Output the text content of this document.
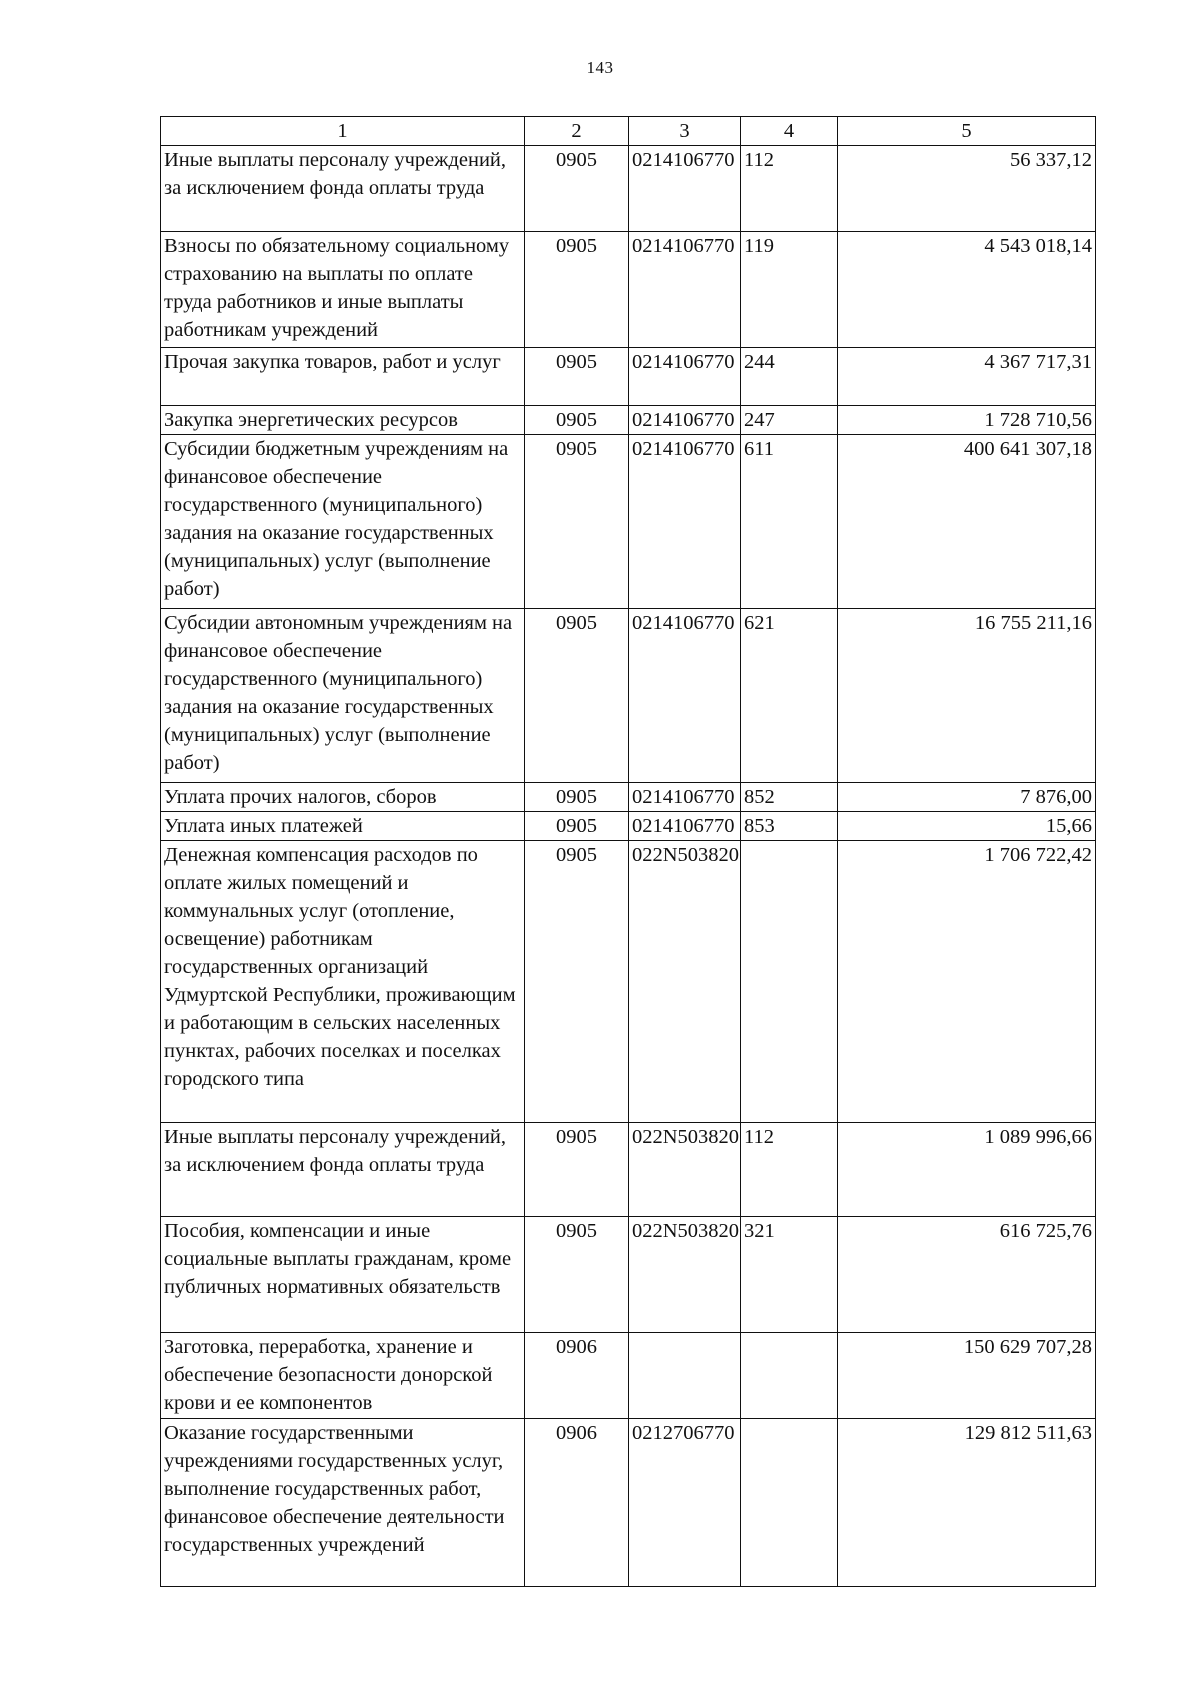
143
1	2	3	4	5
Иные выплаты персоналу учреждений, за исключением фонда оплаты труда	0905	0214106770	112	56 337,12
Взносы по обязательному социальному страхованию на выплаты по оплате труда работников и иные выплаты работникам учреждений	0905	0214106770	119	4 543 018,14
Прочая закупка товаров, работ и услуг	0905	0214106770	244	4 367 717,31
Закупка энергетических ресурсов	0905	0214106770	247	1 728 710,56
Субсидии бюджетным учреждениям на финансовое обеспечение государственного (муниципального) задания на оказание государственных (муниципальных) услуг (выполнение работ)	0905	0214106770	611	400 641 307,18
Субсидии автономным учреждениям на финансовое обеспечение государственного (муниципального) задания на оказание государственных (муниципальных) услуг (выполнение работ)	0905	0214106770	621	16 755 211,16
Уплата прочих налогов, сборов	0905	0214106770	852	7 876,00
Уплата иных платежей	0905	0214106770	853	15,66
Денежная компенсация расходов по оплате жилых помещений и коммунальных услуг (отопление, освещение) работникам государственных организаций Удмуртской Республики, проживающим и работающим в сельских населенных пунктах, рабочих поселках и поселках городского типа	0905	022N503820		1 706 722,42
Иные выплаты персоналу учреждений, за исключением фонда оплаты труда	0905	022N503820	112	1 089 996,66
Пособия, компенсации и иные социальные выплаты гражданам, кроме публичных нормативных обязательств	0905	022N503820	321	616 725,76
Заготовка, переработка, хранение и обеспечение безопасности донорской крови и ее компонентов	0906			150 629 707,28
Оказание государственными учреждениями государственных услуг, выполнение государственных работ, финансовое обеспечение деятельности государственных учреждений	0906	0212706770		129 812 511,63
